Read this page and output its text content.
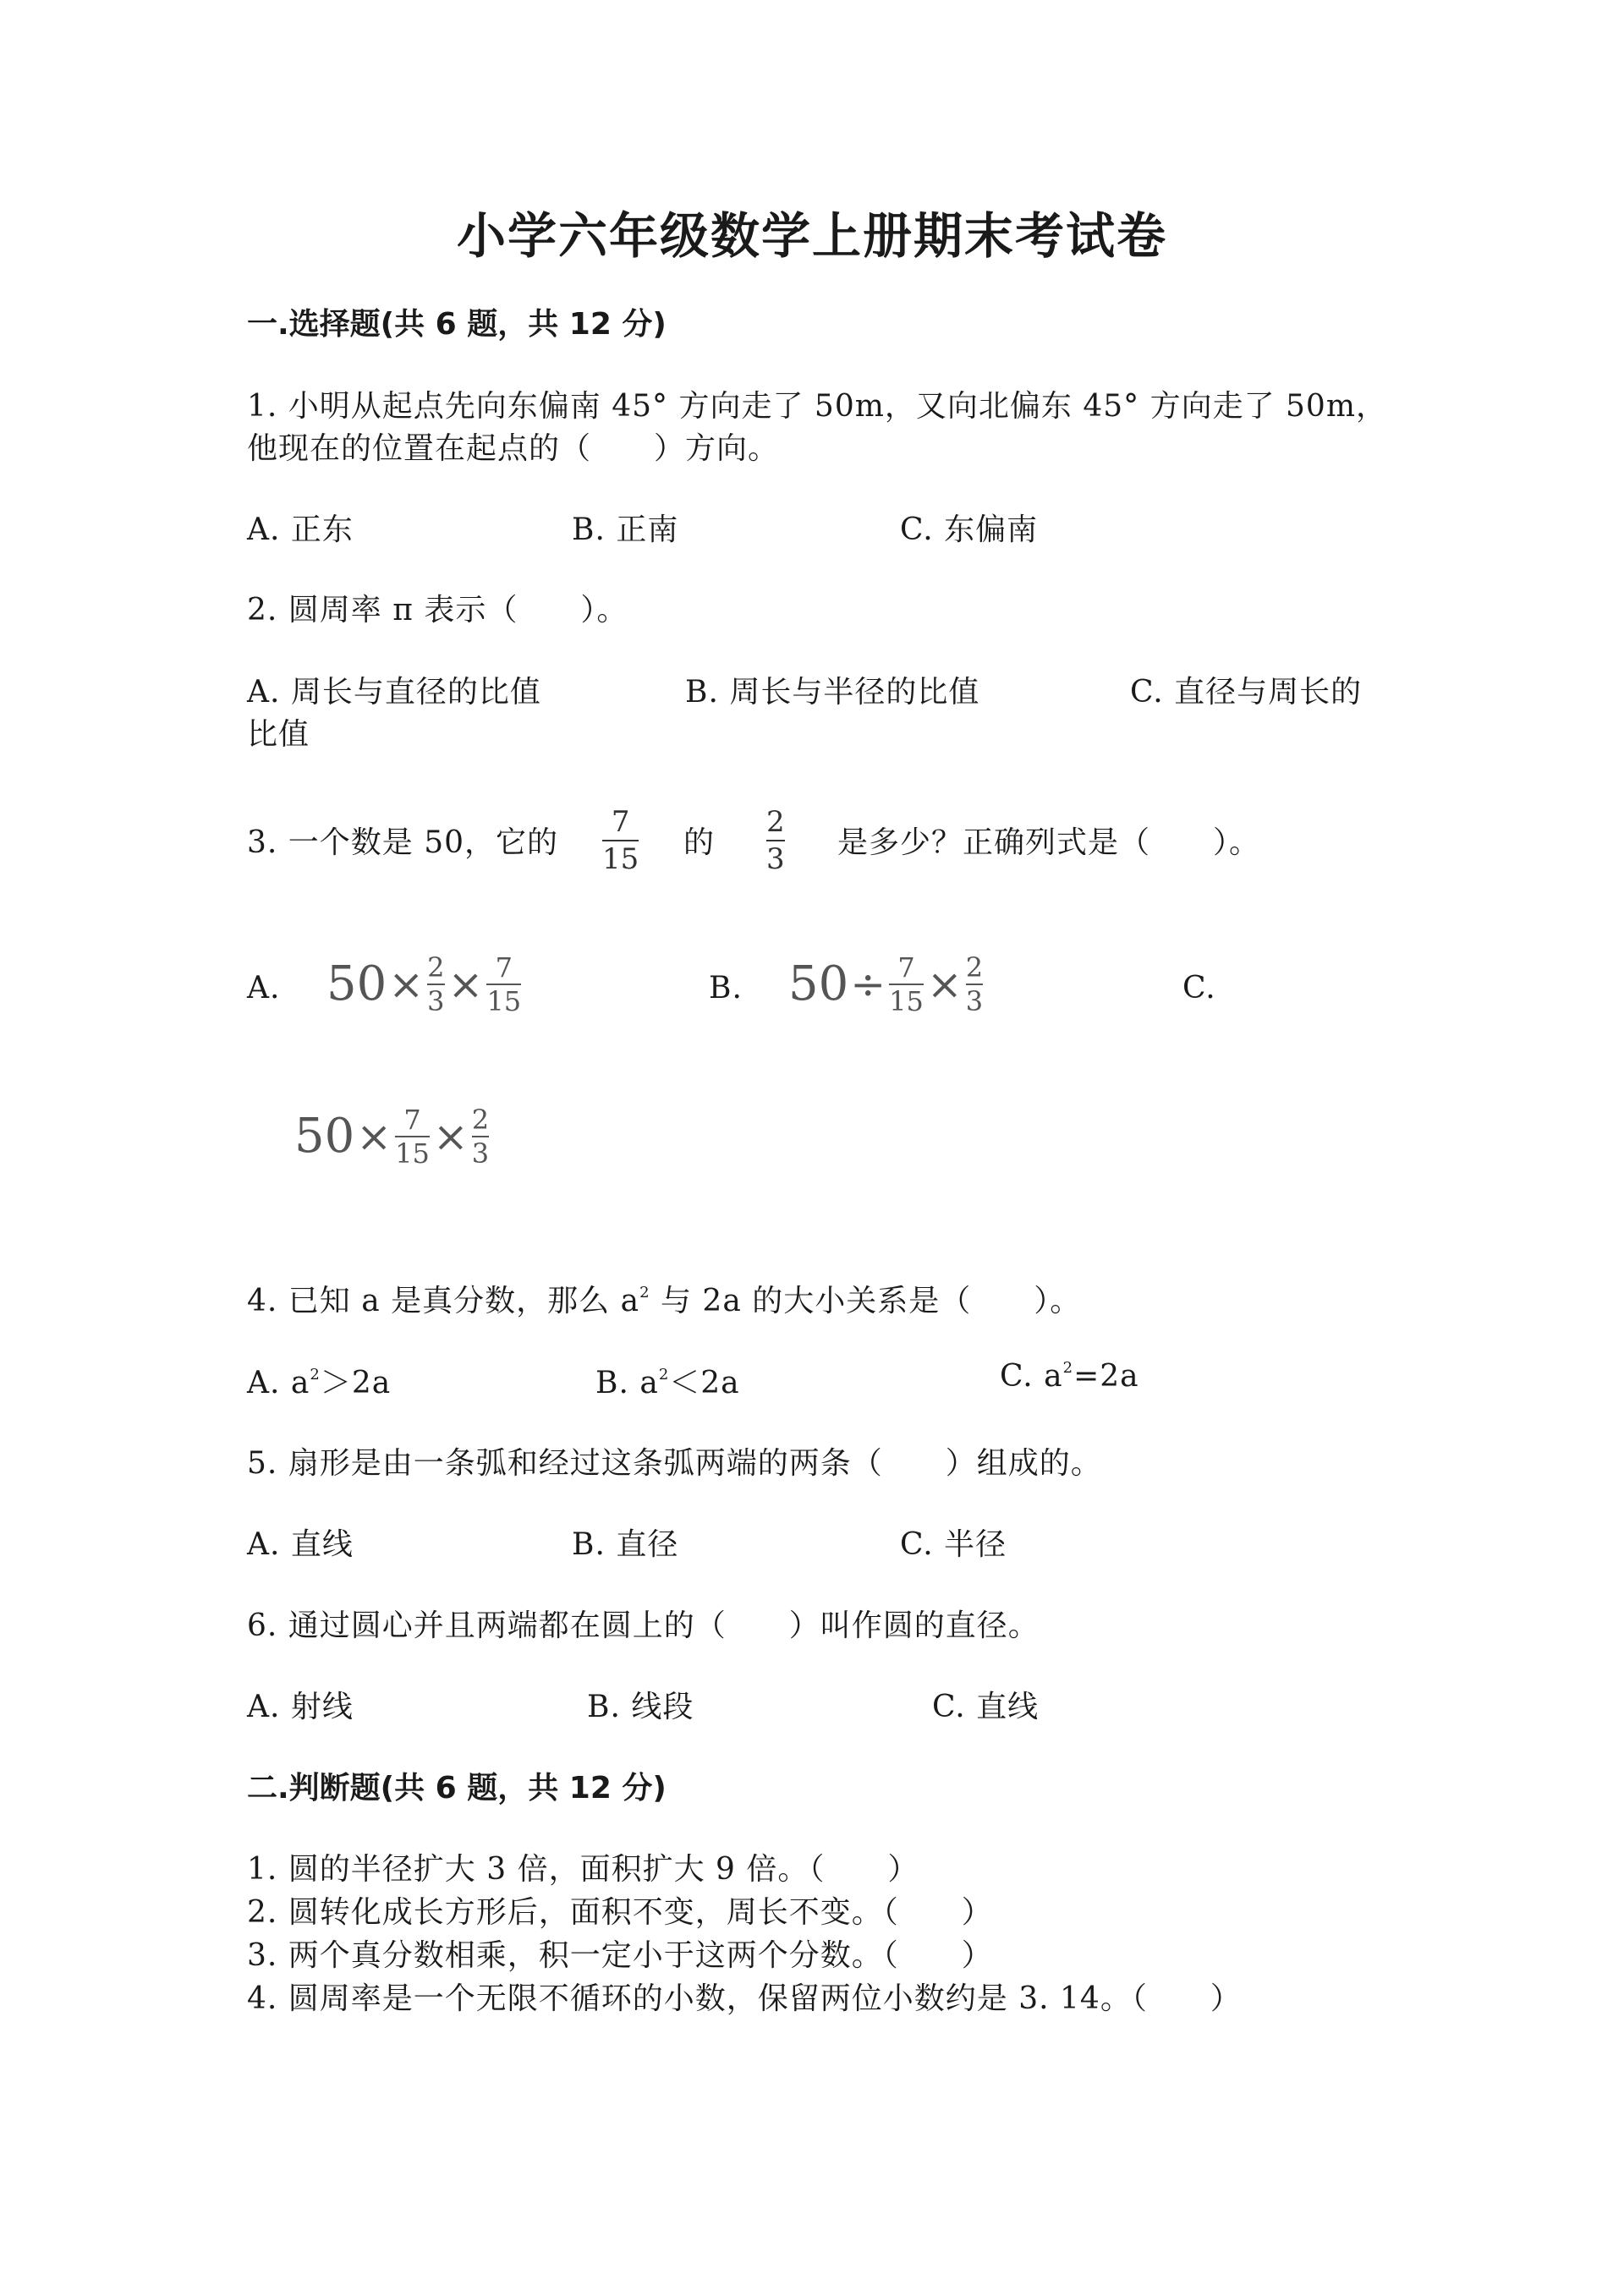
小学六年级数学上册期末考试卷
一.选择题(共 6 题，共 12 分)
1. 小明从起点先向东偏南 45° 方向走了 50m，又向北偏东 45° 方向走了 50m，
他现在的位置在起点的（　　）方向。
A. 正东	B. 正南	C. 东偏南
2. 圆周率 π 表示（　　）。
A. 周长与直径的比值	B. 周长与半径的比值	C. 直径与周长的
比值
3. 一个数是 50，它的
7
15 的
2
3 是多少？正确列式是（　　）。
A. 50 × 2
3 × 7
15	B. 50 ÷ 7
15 × 2
3	C.
50 × 7
15 × 2
3
4. 已知 a 是真分数，那么 $a^2$ 与 2a 的大小关系是（　　）。
A. $a^2>2a$	B. $a^2<2a$	C. $a^2=2a$
5. 扇形是由一条弧和经过这条弧两端的两条（　　）组成的。
A. 直线	B. 直径	C. 半径
6. 通过圆心并且两端都在圆上的（　　）叫作圆的直径。
A. 射线	B. 线段	C. 直线
二.判断题(共 6 题，共 12 分)
1. 圆的半径扩大 3 倍，面积扩大 9 倍。（　　）
2. 圆转化成长方形后，面积不变，周长不变。（　　）
3. 两个真分数相乘，积一定小于这两个分数。（　　）
4. 圆周率是一个无限不循环的小数，保留两位小数约是 3. 14。（　　）
